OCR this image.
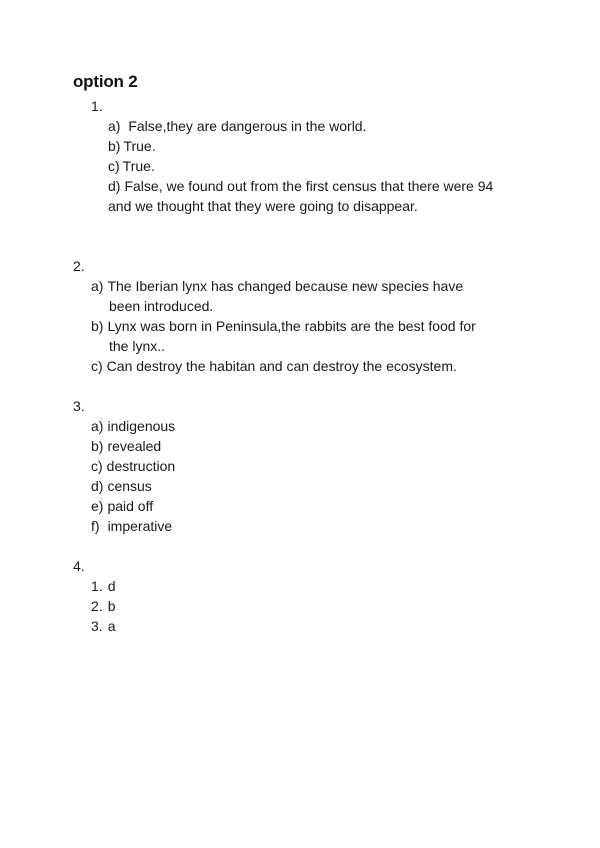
option 2
1.
a) False,they are dangerous in the world.
b) True.
c) True.
d) False, we found out from the first census that there were 94
and we thought that they were going to disappear.
2.
a) The Iberian lynx has changed because new species have
been introduced.
b) Lynx was born in Peninsula,the rabbits are the best food for
the lynx..
c) Can destroy the habitan and can destroy the ecosystem.
3.
a) indigenous
b) revealed
c) destruction
d) census
e) paid off
f) imperative
4.
1. d
2. b
3. a
